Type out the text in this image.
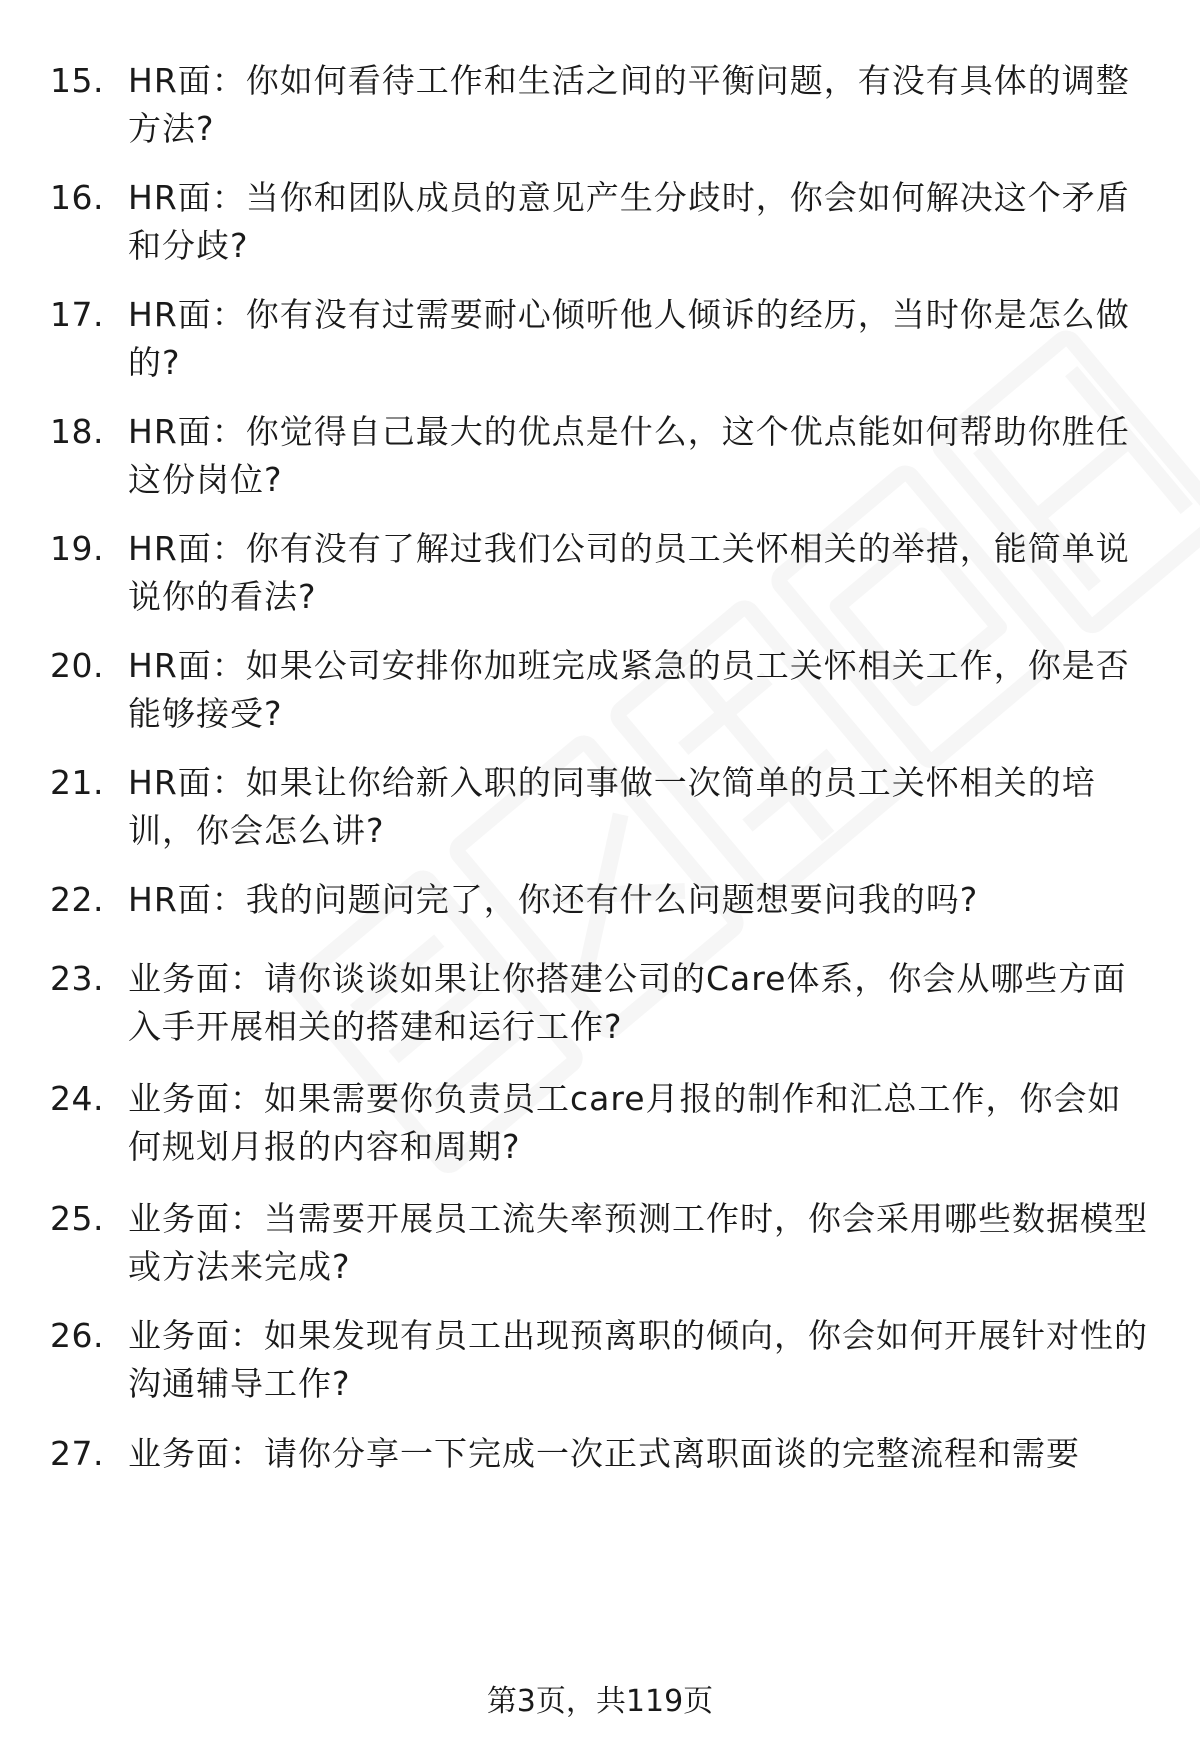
15. HR面：你如何看待工作和生活之间的平衡问题，有没有具体的调整方法?
16. HR面：当你和团队成员的意见产生分歧时，你会如何解决这个矛盾和分歧?
17. HR面：你有没有过需要耐心倾听他人倾诉的经历，当时你是怎么做的?
18. HR面：你觉得自己最大的优点是什么，这个优点能如何帮助你胜任这份岗位?
19. HR面：你有没有了解过我们公司的员工关怀相关的举措，能简单说说你的看法?
20. HR面：如果公司安排你加班完成紧急的员工关怀相关工作，你是否能够接受?
21. HR面：如果让你给新入职的同事做一次简单的员工关怀相关的培训，你会怎么讲?
22. HR面：我的问题问完了，你还有什么问题想要问我的吗?
23. 业务面：请你谈谈如果让你搭建公司的Care体系，你会从哪些方面入手开展相关的搭建和运行工作?
24. 业务面：如果需要你负责员工care月报的制作和汇总工作，你会如何规划月报的内容和周期?
25. 业务面：当需要开展员工流失率预测工作时，你会采用哪些数据模型或方法来完成?
26. 业务面：如果发现有员工出现预离职的倾向，你会如何开展针对性的沟通辅导工作?
27. 业务面：请你分享一下完成一次正式离职面谈的完整流程和需要
第3页，共119页
